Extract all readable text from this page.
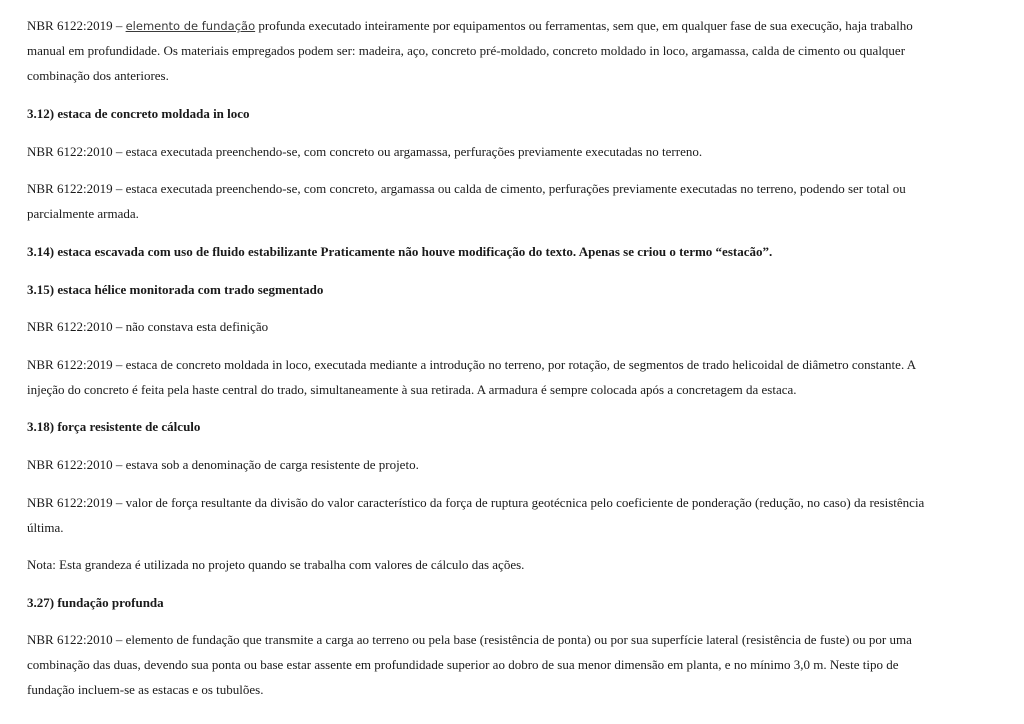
NBR 6122:2019 – elemento de fundação profunda executado inteiramente por equipamentos ou ferramentas, sem que, em qualquer fase de sua execução, haja trabalho
manual em profundidade. Os materiais empregados podem ser: madeira, aço, concreto pré-moldado, concreto moldado in loco, argamassa, calda de cimento ou qualquer
combinação dos anteriores.
3.12) estaca de concreto moldada in loco
NBR 6122:2010 – estaca executada preenchendo-se, com concreto ou argamassa, perfurações previamente executadas no terreno.
NBR 6122:2019 – estaca executada preenchendo-se, com concreto, argamassa ou calda de cimento, perfurações previamente executadas no terreno, podendo ser total ou
parcialmente armada.
3.14) estaca escavada com uso de fluido estabilizante Praticamente não houve modificação do texto. Apenas se criou o termo “estacão”.
3.15) estaca hélice monitorada com trado segmentado
NBR 6122:2010 – não constava esta definição
NBR 6122:2019 – estaca de concreto moldada in loco, executada mediante a introdução no terreno, por rotação, de segmentos de trado helicoidal de diâmetro constante. A
injeção do concreto é feita pela haste central do trado, simultaneamente à sua retirada. A armadura é sempre colocada após a concretagem da estaca.
3.18) força resistente de cálculo
NBR 6122:2010 – estava sob a denominação de carga resistente de projeto.
NBR 6122:2019 – valor de força resultante da divisão do valor característico da força de ruptura geotécnica pelo coeficiente de ponderação (redução, no caso) da resistência
última.
Nota: Esta grandeza é utilizada no projeto quando se trabalha com valores de cálculo das ações.
3.27) fundação profunda
NBR 6122:2010 – elemento de fundação que transmite a carga ao terreno ou pela base (resistência de ponta) ou por sua superfície lateral (resistência de fuste) ou por uma
combinação das duas, devendo sua ponta ou base estar assente em profundidade superior ao dobro de sua menor dimensão em planta, e no mínimo 3,0 m. Neste tipo de
fundação incluem-se as estacas e os tubulões.
